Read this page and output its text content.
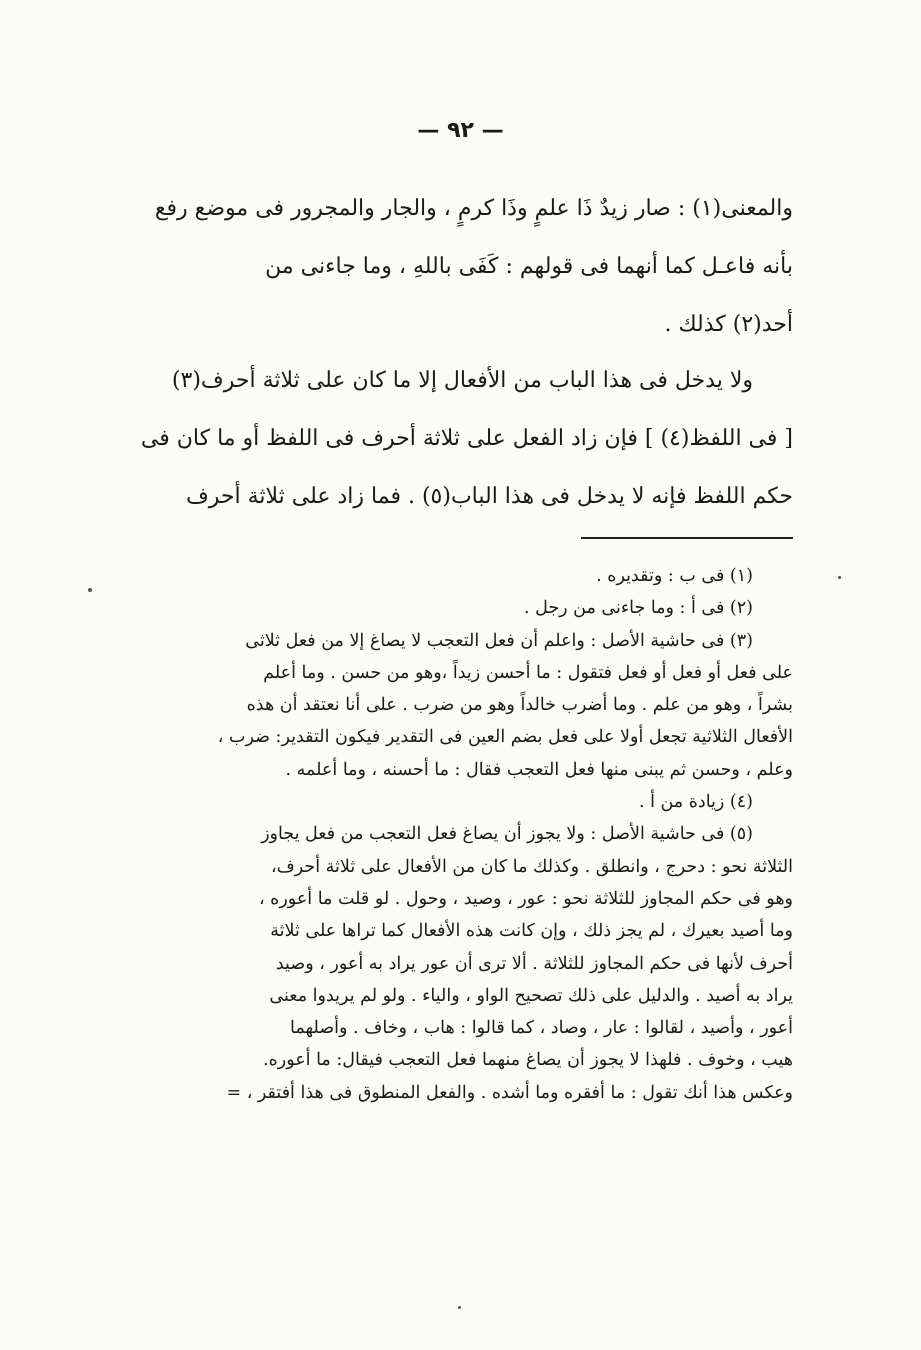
— ٩٢ —
والمعنى(١) : صار زيدٌ ذَا علمٍ وذَا كرمٍ ، والجار والمجرور فى موضع رفع
بأنه فاعـل كما أنهما فى قولهم : كَفَى باللهِ ، وما جاءنى من
أحد(٢) كذلك .
ولا يدخل فى هذا الباب من الأفعال إلا ما كان على ثلاثة أحرف(٣)
[ فى اللفظ(٤) ] فإن زاد الفعل على ثلاثة أحرف فى اللفظ أو ما كان فى
حكم اللفظ فإنه لا يدخل فى هذا الباب(٥) . فما زاد على ثلاثة أحرف
(١) فى ب : وتقديره .
(٢) فى أ : وما جاءنى من رجل .
(٣) فى حاشية الأصل : واعلم أن فعل التعجب لا يصاغ إلا من فعل ثلاثى
على فعل أو فعل أو فعل فتقول : ما أحسن زيداً ،وهو من حسن . وما أعلم
بشراً ، وهو من علم . وما أضرب خالداً وهو من ضرب . على أنا نعتقد أن هذه
الأفعال الثلاثية تجعل أولا على فعل بضم العين فى التقدير فيكون التقدير: ضرب ،
وعلم ، وحسن ثم يبنى منها فعل التعجب فقال : ما أحسنه ، وما أعلمه .
(٤) زيادة من أ .
(٥) فى حاشية الأصل : ولا يجوز أن يصاغ فعل التعجب من فعل يجاوز
الثلاثة نحو : دحرج ، وانطلق . وكذلك ما كان من الأفعال على ثلاثة أحرف،
وهو فى حكم المجاوز للثلاثة نحو : عور ، وصيد ، وحول . لو قلت ما أعوره ،
وما أصيد بعيرك ، لم يجز ذلك ، وإن كانت هذه الأفعال كما تراها على ثلاثة
أحرف لأنها فى حكم المجاوز للثلاثة . ألا ترى أن عور يراد به أعور ، وصيد
يراد به أصيد . والدليل على ذلك تصحيح الواو ، والياء . ولو لم يريدوا معنى
أعور ، وأصيد ، لقالوا : عار ، وصاد ، كما قالوا : هاب ، وخاف . وأصلهما
هيب ، وخوف . فلهذا لا يجوز أن يصاغ منهما فعل التعجب فيقال: ما أعوره.
وعكس هذا أنك تقول : ما أفقره وما أشده . والفعل المنطوق فى هذا أفتقر ، =
